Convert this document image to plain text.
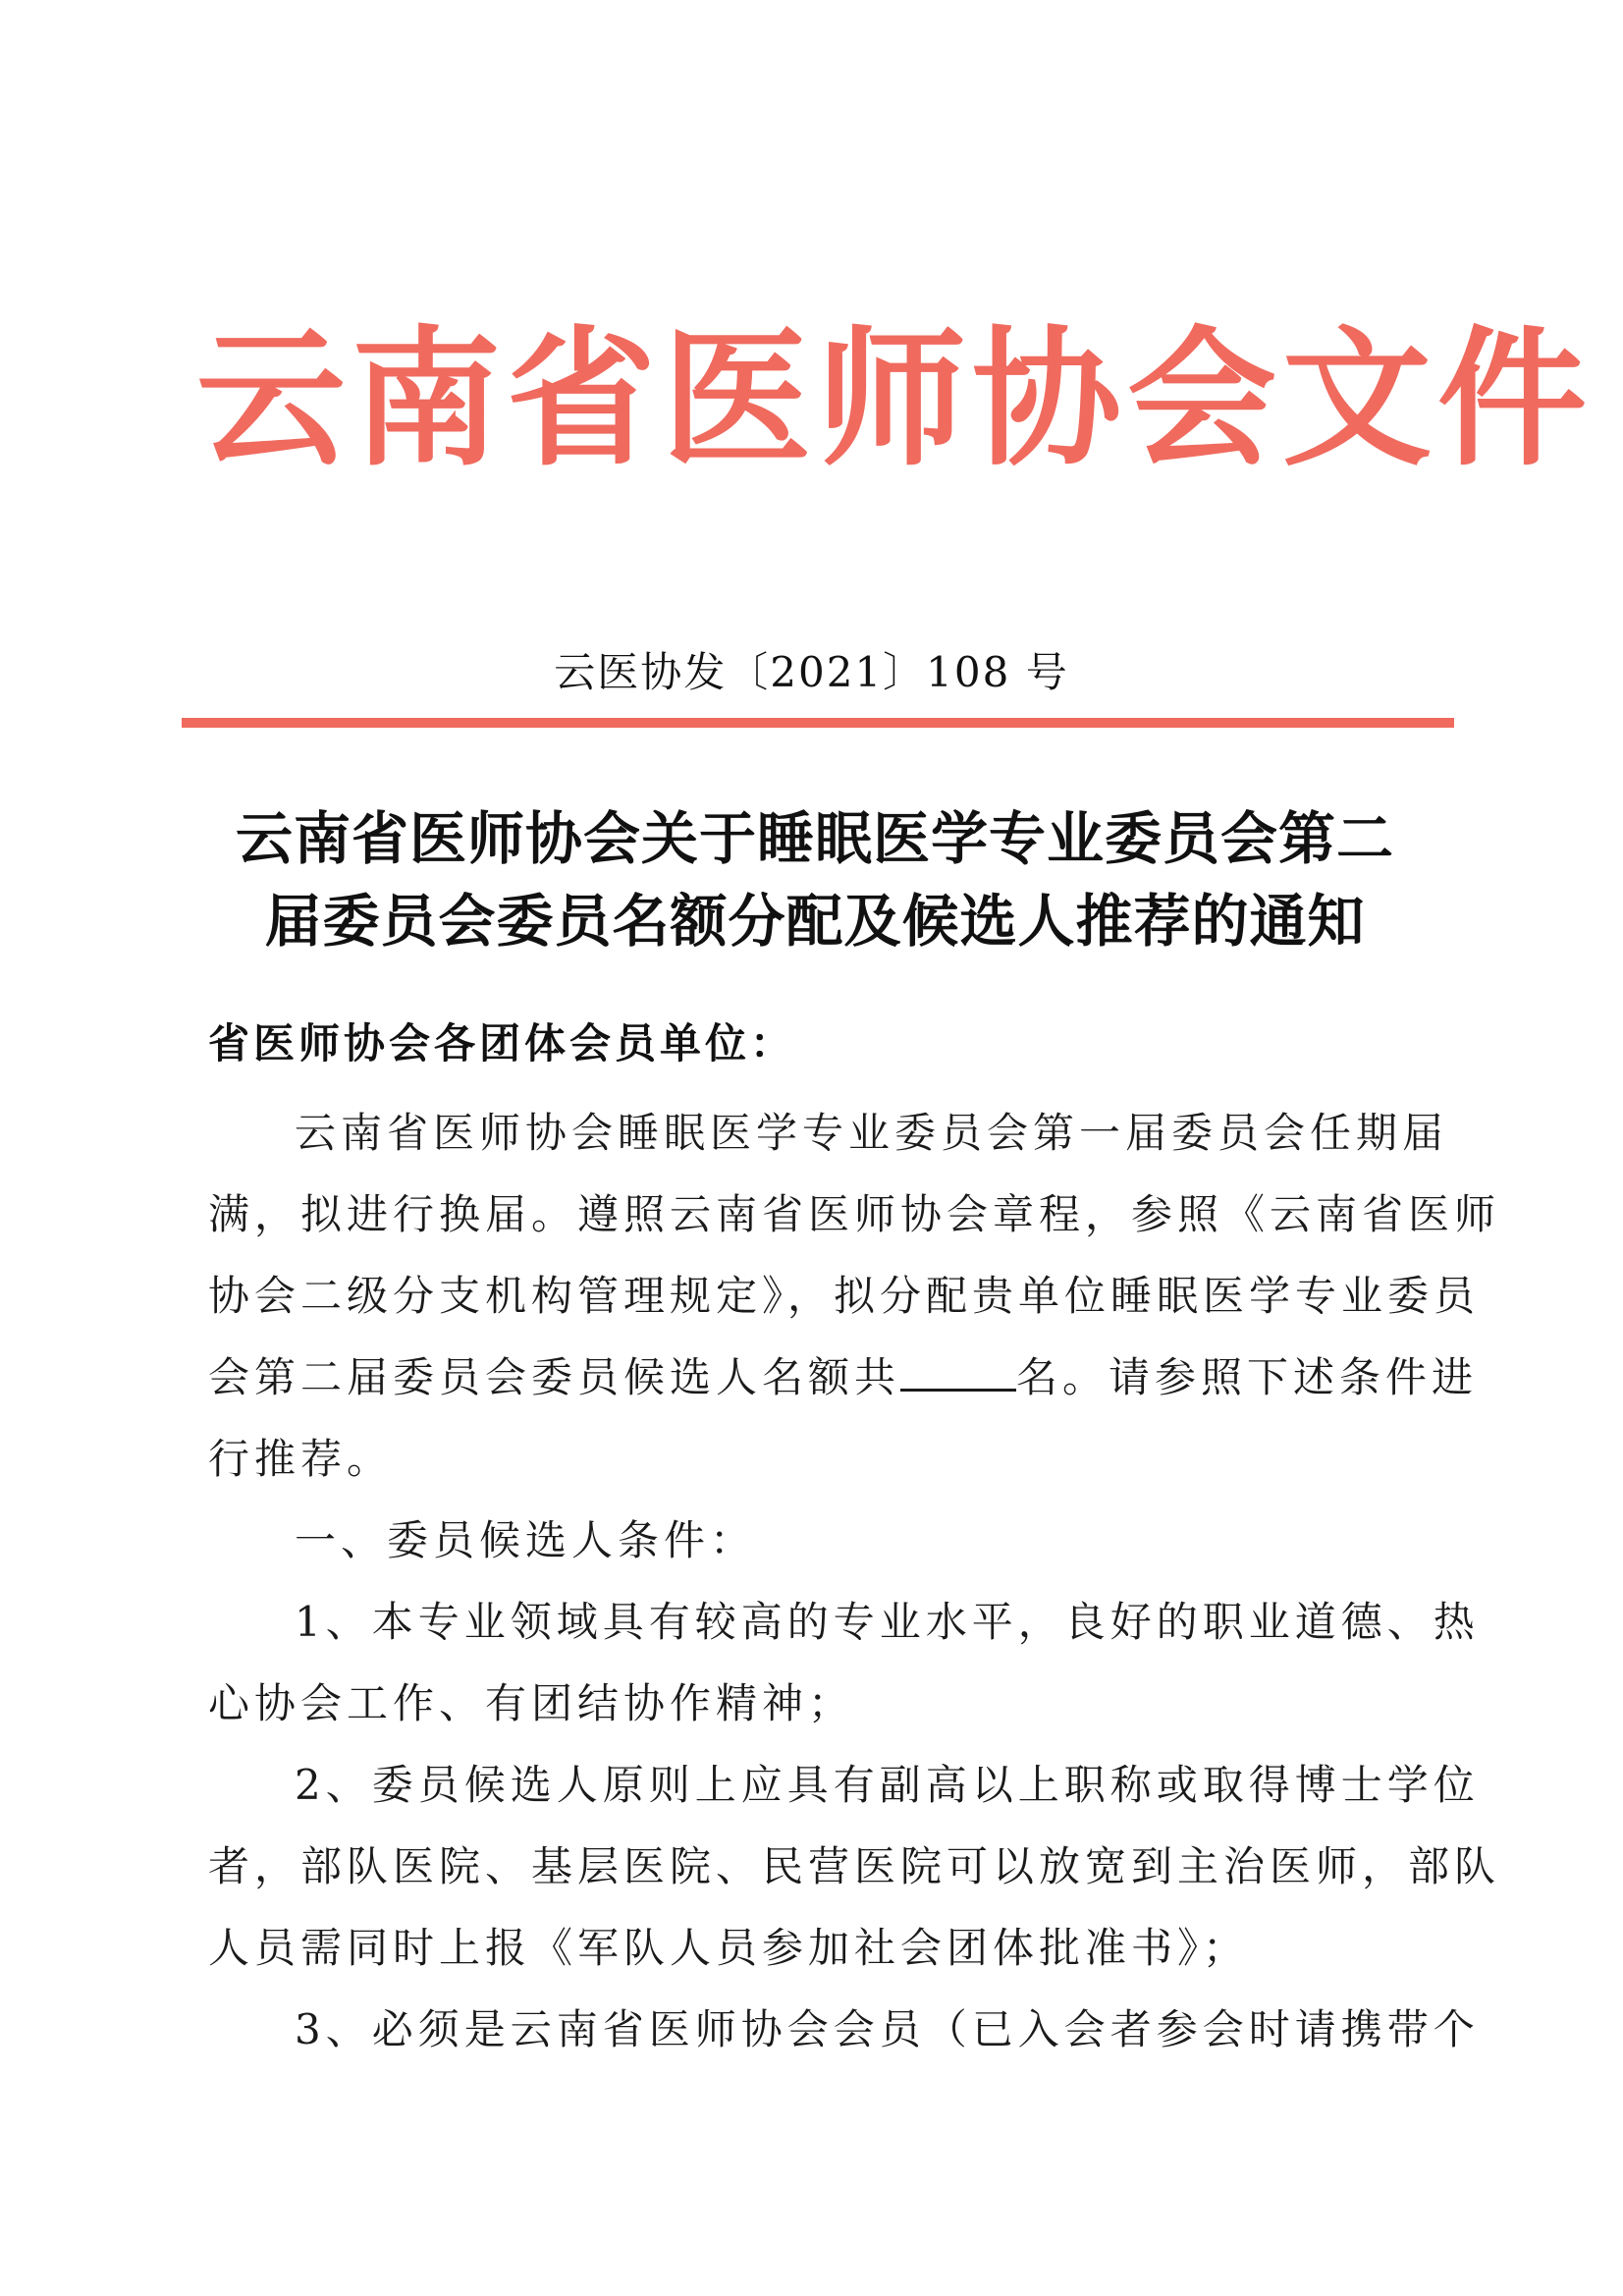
云南省医师协会文件
云医协发〔2021〕108 号
云南省医师协会关于睡眠医学专业委员会第二
届委员会委员名额分配及候选人推荐的通知
省医师协会各团体会员单位：
云南省医师协会睡眠医学专业委员会第一届委员会任期届
满，拟进行换届。遵照云南省医师协会章程，参照《云南省医师
协会二级分支机构管理规定》，拟分配贵单位睡眠医学专业委员
会第二届委员会委员候选人名额共	名。请参照下述条件进
行推荐。
一、委员候选人条件：
1、本专业领域具有较高的专业水平，良好的职业道德、热
心协会工作、有团结协作精神；
2、委员候选人原则上应具有副高以上职称或取得博士学位
者，部队医院、基层医院、民营医院可以放宽到主治医师，部队
人员需同时上报《军队人员参加社会团体批准书》；
3、必须是云南省医师协会会员（已入会者参会时请携带个
